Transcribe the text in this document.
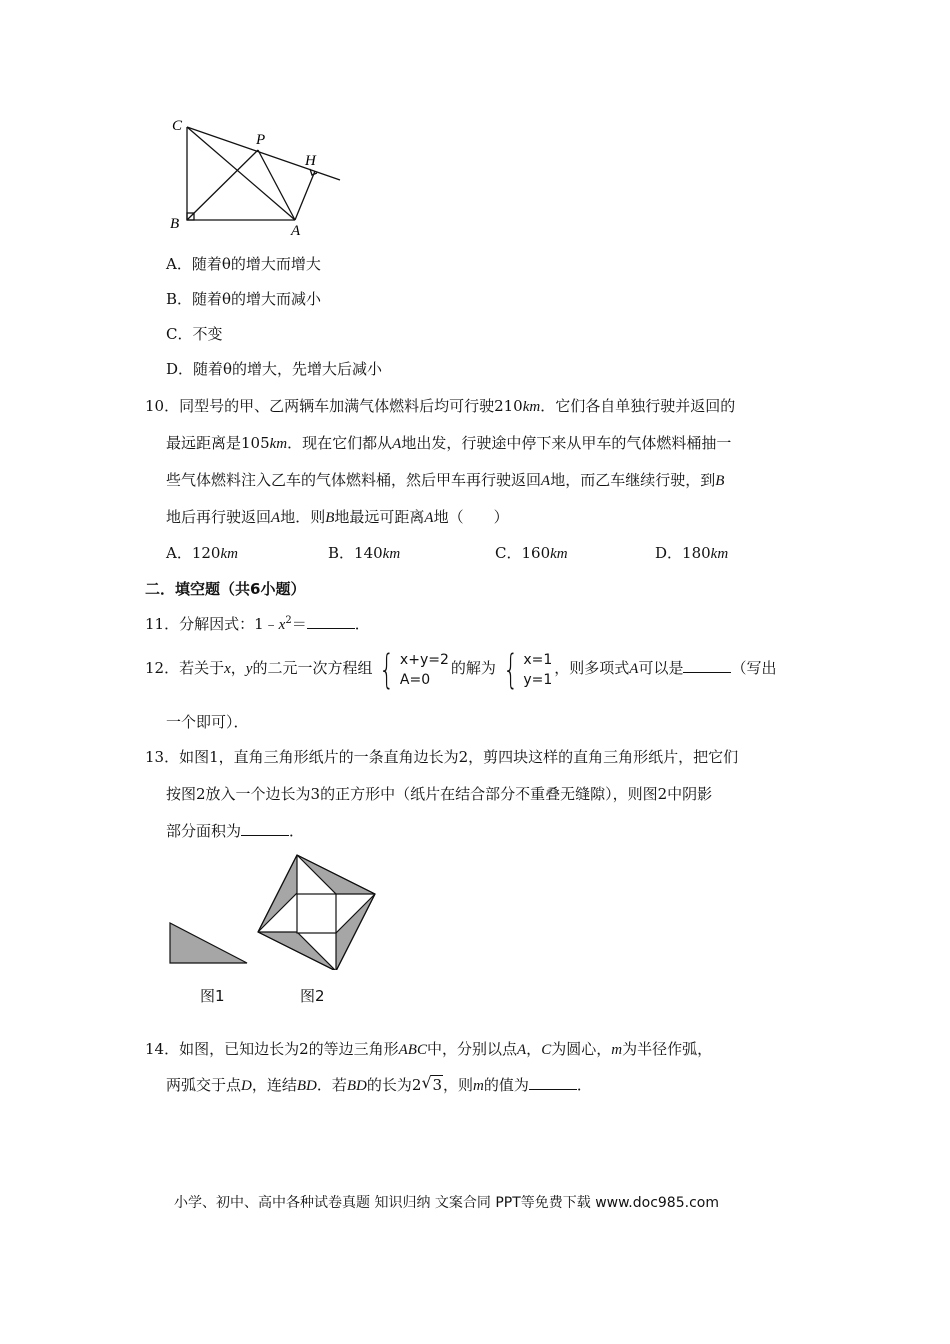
C
P
H
B	A
A．随着θ的增大而增大
B．随着θ的增大而减小
C．不变
D．随着θ的增大，先增大后减小
10．同型号的甲、乙两辆车加满气体燃料后均可行驶210km．它们各自单独行驶并返回的
最远距离是105km．现在它们都从A地出发，行驶途中停下来从甲车的气体燃料桶抽一
些气体燃料注入乙车的气体燃料桶，然后甲车再行驶返回A地，而乙车继续行驶，到B
地后再行驶返回A地．则B地最远可距离A地（　　）
A．120km	B．140km	C．160km	D．180km
二．填空题（共6小题）
11．分解因式：$1﹣x^2=$	．
12．若关于x，y的二元一次方程组 { x+y=2
A=0
的解为 { x=1
y=1
，则多项式A可以是	（写出
一个即可）．
13．如图1，直角三角形纸片的一条直角边长为2，剪四块这样的直角三角形纸片，把它们
按图2放入一个边长为3的正方形中（纸片在结合部分不重叠无缝隙），则图2中阴影
部分面积为	．
图1	图2
14．如图，已知边长为2的等边三角形ABC中，分别以点A，C为圆心，m为半径作弧，
两弧交于点D，连结BD．若BD的长为2 √ 3，则m的值为	．
小学、初中、高中各种试卷真题 知识归纳 文案合同 PPT等免费下载 www.doc985.com
